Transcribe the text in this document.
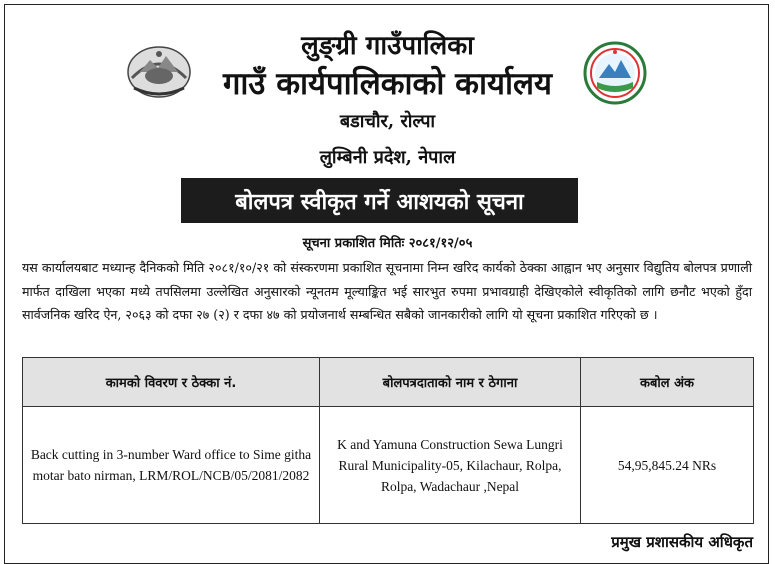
लुङ्ग्री गाउँपालिका
गाउँ कार्यपालिकाको कार्यालय
बडाचौर, रोल्पा
लुम्बिनी प्रदेश, नेपाल
बोलपत्र स्वीकृत गर्ने आशयको सूचना
सूचना प्रकाशित मितिः २०८१/१२/०५
यस कार्यालयबाट मध्यान्ह दैनिकको मिति २०८१/१०/२१ को संस्करणमा प्रकाशित सूचनामा निम्न खरिद कार्यको ठेक्का आह्वान भए अनुसार विद्युतिय बोलपत्र प्रणाली मार्फत दाखिला भएका मध्ये तपसिलमा उल्लेखित अनुसारको न्यूनतम मूल्याङ्कित भई सारभुत रुपमा प्रभावग्राही देखिएकोले स्वीकृतिको लागि छनौट भएको हुँदा सार्वजनिक खरिद ऐन, २०६३ को दफा २७ (२) र दफा ४७ को प्रयोजनार्थ सम्बन्धित सबैको जानकारीको लागि यो सूचना प्रकाशित गरिएको छ ।
कामको विवरण र ठेक्का नं.	बोलपत्रदाताको नाम र ठेगाना	कबोल अंक
Back cutting in 3-number Ward office to Sime githa motar bato nirman, LRM/ROL/NCB/05/2081/2082	K and Yamuna Construction Sewa Lungri Rural Municipality-05, Kilachaur, Rolpa, Rolpa, Wadachaur ,Nepal	54,95,845.24 NRs
प्रमुख प्रशासकीय अधिकृत
